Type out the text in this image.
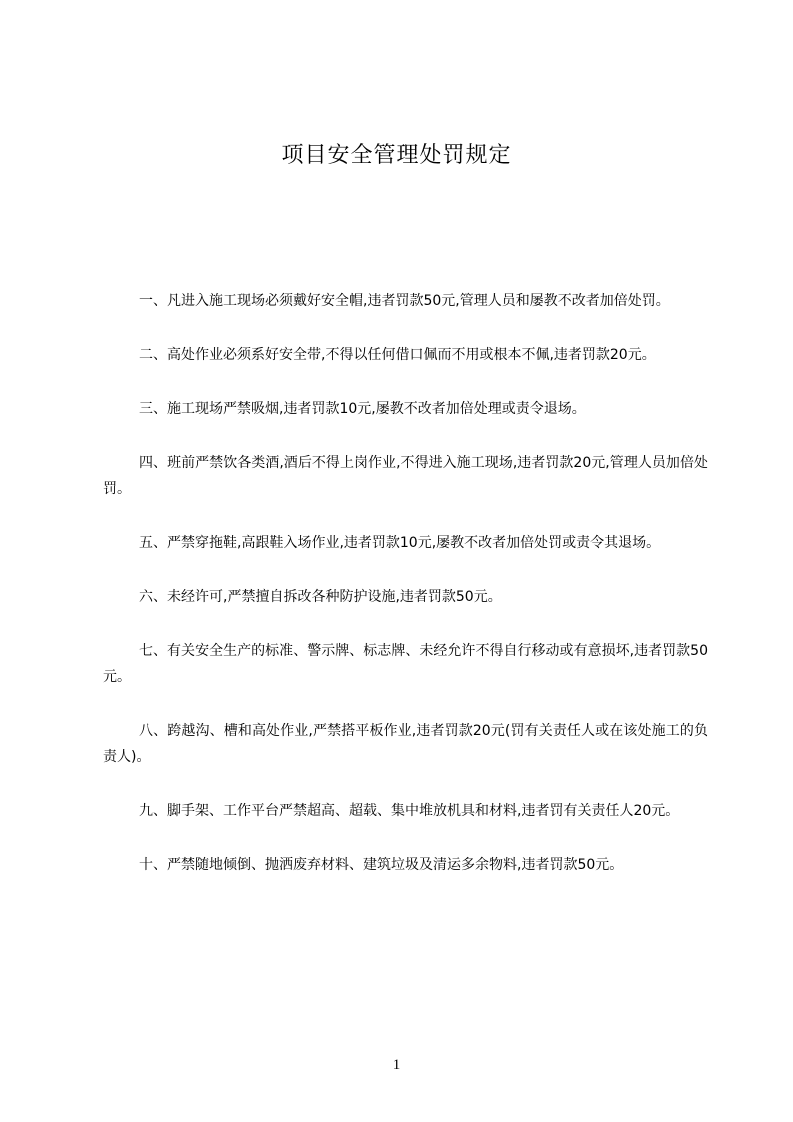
项目安全管理处罚规定
一、凡进入施工现场必须戴好安全帽,违者罚款50元,管理人员和屡教不改者加倍处罚。
二、高处作业必须系好安全带,不得以任何借口佩而不用或根本不佩,违者罚款20元。
三、施工现场严禁吸烟,违者罚款10元,屡教不改者加倍处理或责令退场。
四、班前严禁饮各类酒,酒后不得上岗作业,不得进入施工现场,违者罚款20元,管理人员加倍处罚。
五、严禁穿拖鞋,高跟鞋入场作业,违者罚款10元,屡教不改者加倍处罚或责令其退场。
六、未经许可,严禁擅自拆改各种防护设施,违者罚款50元。
七、有关安全生产的标准、警示牌、标志牌、未经允许不得自行移动或有意损坏,违者罚款50元。
八、跨越沟、槽和高处作业,严禁搭平板作业,违者罚款20元(罚有关责任人或在该处施工的负责人)。
九、脚手架、工作平台严禁超高、超载、集中堆放机具和材料,违者罚有关责任人20元。
十、严禁随地倾倒、抛洒废弃材料、建筑垃圾及清运多余物料,违者罚款50元。
1
